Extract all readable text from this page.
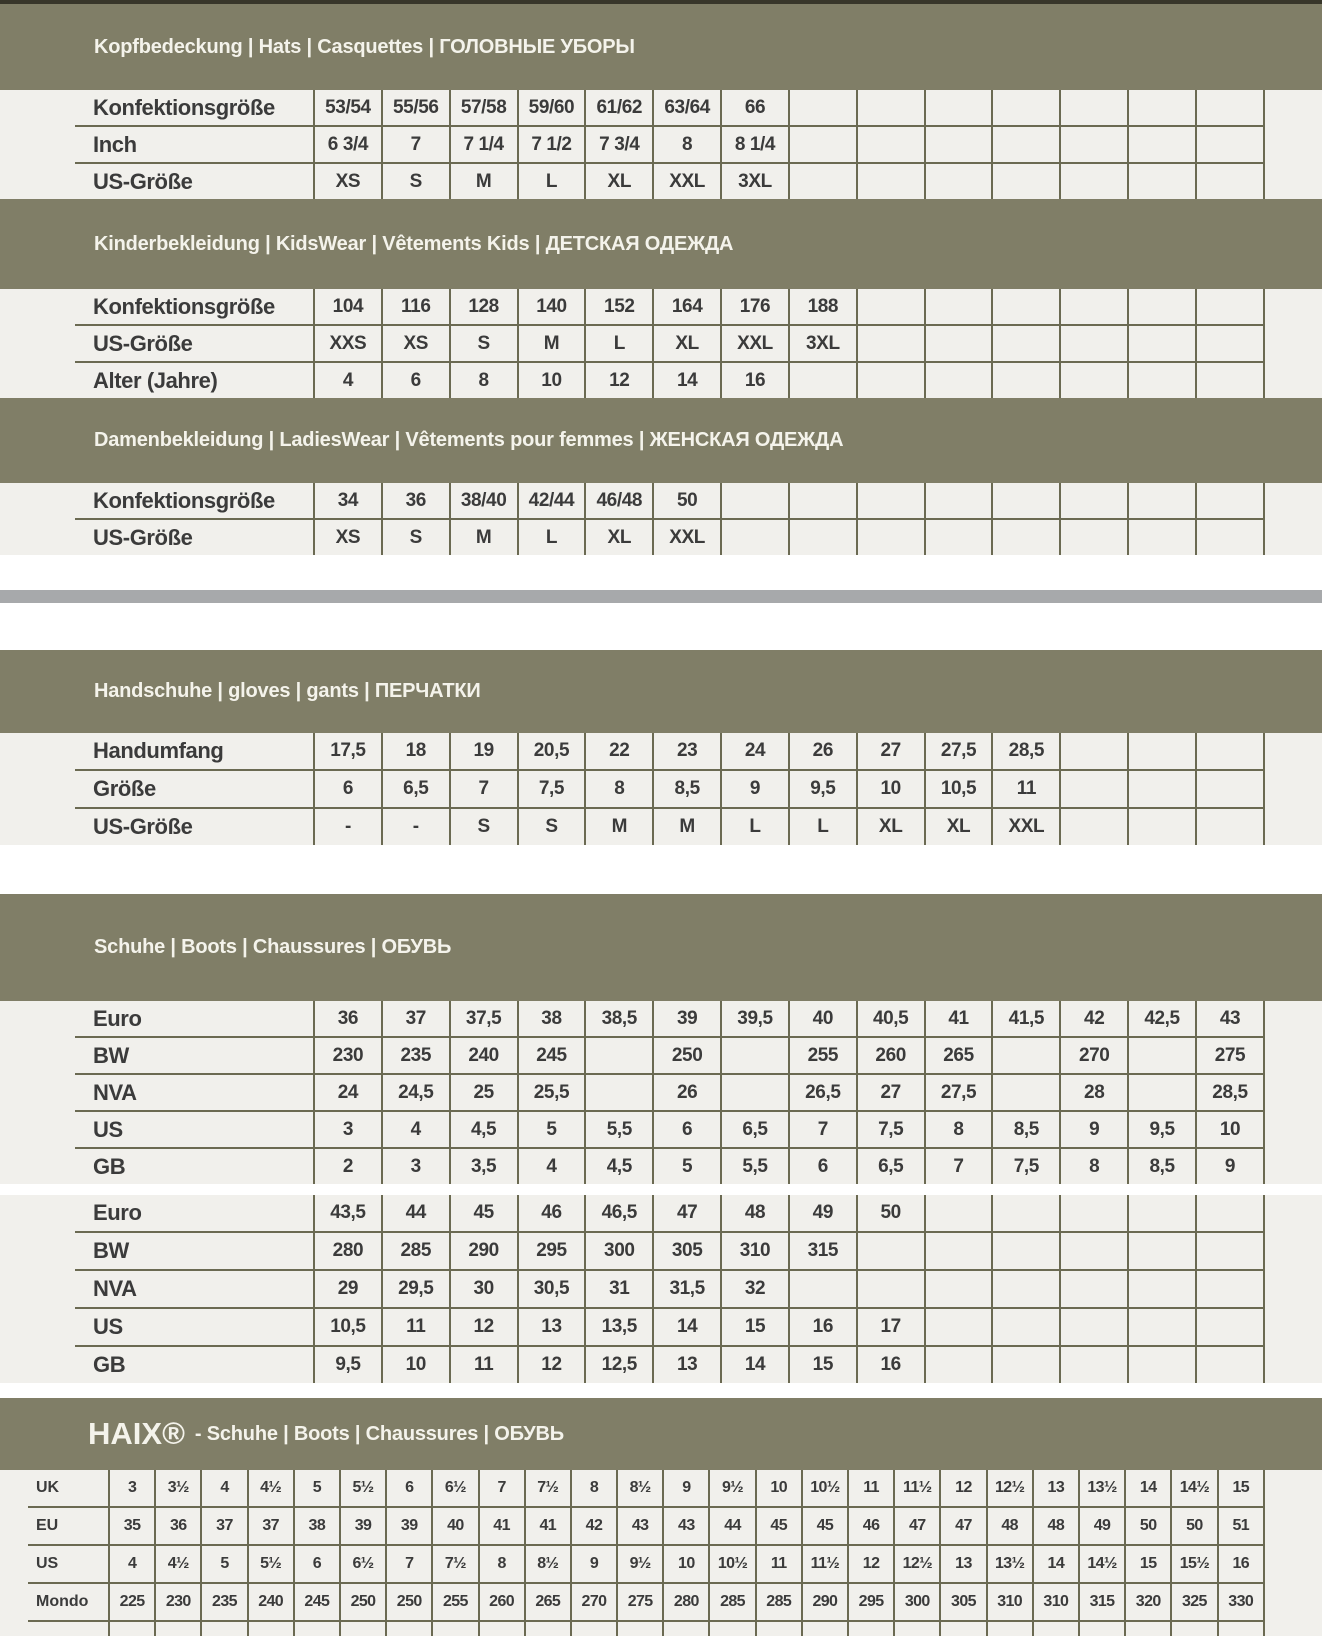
Kopfbedeckung | Hats | Casquettes | ГОЛОВНЫЕ УБОРЫ
Konfektionsgröße	53/54	55/56	57/58	59/60	61/62	63/64	66							
Inch	6 3/4	7	7 1/4	7 1/2	7 3/4	8	8 1/4							
US-Größe	XS	S	M	L	XL	XXL	3XL							
Kinderbekleidung | KidsWear | Vêtements Kids | ДЕТСКАЯ ОДЕЖДА
Konfektionsgröße	104	116	128	140	152	164	176	188						
US-Größe	XXS	XS	S	M	L	XL	XXL	3XL						
Alter (Jahre)	4	6	8	10	12	14	16							
Damenbekleidung | LadiesWear | Vêtements pour femmes | ЖЕНСКАЯ ОДЕЖДА
Konfektionsgröße	34	36	38/40	42/44	46/48	50								
US-Größe	XS	S	M	L	XL	XXL								
Handschuhe | gloves | gants | ПЕРЧАТКИ
Handumfang	17,5	18	19	20,5	22	23	24	26	27	27,5	28,5			
Größe	6	6,5	7	7,5	8	8,5	9	9,5	10	10,5	11			
US-Größe	-	-	S	S	M	M	L	L	XL	XL	XXL			
Schuhe | Boots | Chaussures | ОБУВЬ
Euro	36	37	37,5	38	38,5	39	39,5	40	40,5	41	41,5	42	42,5	43
BW	230	235	240	245		250		255	260	265		270		275
NVA	24	24,5	25	25,5		26		26,5	27	27,5		28		28,5
US	3	4	4,5	5	5,5	6	6,5	7	7,5	8	8,5	9	9,5	10
GB	2	3	3,5	4	4,5	5	5,5	6	6,5	7	7,5	8	8,5	9
Euro	43,5	44	45	46	46,5	47	48	49	50					
BW	280	285	290	295	300	305	310	315						
NVA	29	29,5	30	30,5	31	31,5	32							
US	10,5	11	12	13	13,5	14	15	16	17					
GB	9,5	10	11	12	12,5	13	14	15	16					
HAIX® - Schuhe | Boots | Chaussures | ОБУВЬ
UK	3	3½	4	4½	5	5½	6	6½	7	7½	8	8½	9	9½	10	10½	11	11½	12	12½	13	13½	14	14½	15
EU	35	36	37	37	38	39	39	40	41	41	42	43	43	44	45	45	46	47	47	48	48	49	50	50	51
US	4	4½	5	5½	6	6½	7	7½	8	8½	9	9½	10	10½	11	11½	12	12½	13	13½	14	14½	15	15½	16
Mondo	225	230	235	240	245	250	250	255	260	265	270	275	280	285	285	290	295	300	305	310	310	315	320	325	330
